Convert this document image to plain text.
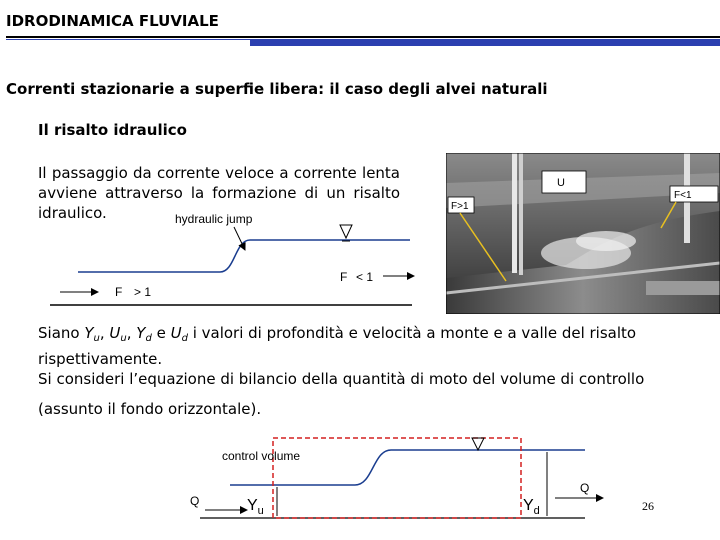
IDRODINAMICA FLUVIALE
Correnti stazionarie a superfie libera: il caso degli alvei naturali
Il risalto idraulico
Il passaggio da corrente veloce a corrente lenta avviene attraverso la formazione di un risalto idraulico.	hydraulic jump
F > 1
F < 1
U
F>1
F<1
Siano $Y_u$, $U_u$, $Y_d$ e $U_d$ i valori di profondità e velocità a monte e a valle del risalto
rispettivamente.
Si consideri l’equazione di bilancio della quantità di moto del volume di controllo
(assunto il fondo orizzontale).
control volume
Q	$Y_u$	$Y_d$
Q
26
